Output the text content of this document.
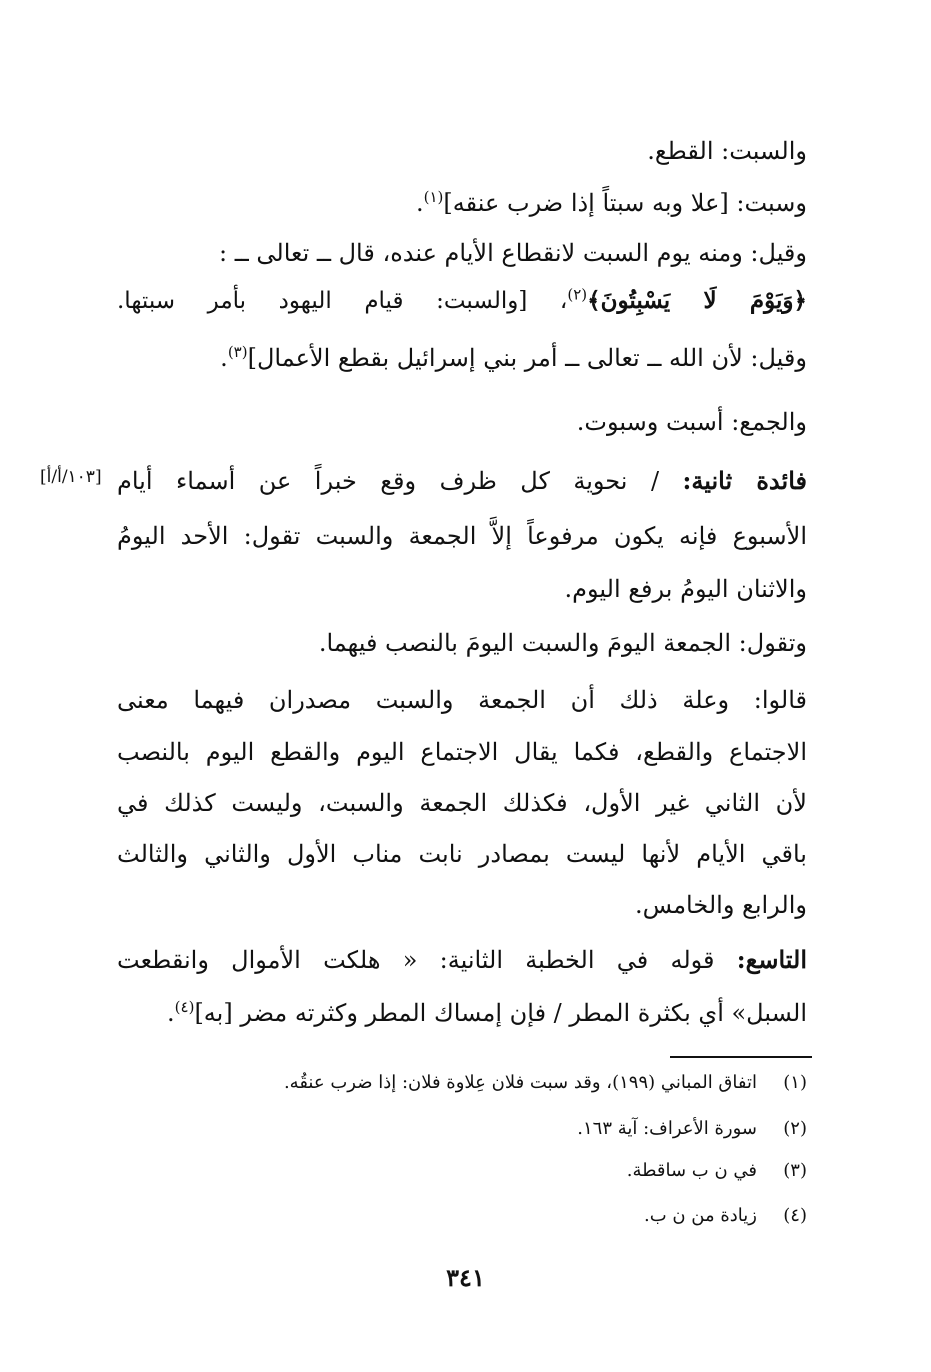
والسبت: القطع.
وسبت: [علا وبه سبتاً إذا ضرب عنقه]$^{(١)}$.
وقيل: ومنه يوم السبت لانقطاع الأيام عنده، قال ــ تعالى ــ :
﴿وَيَوْمَ لَا يَسْبِتُونَ﴾$^{(٢)}$، [والسبت: قيام اليهود بأمر سبتها.
وقيل: لأن الله ــ تعالى ــ أمر بني إسرائيل بقطع الأعمال]$^{(٣)}$.
والجمع: أسبت وسبوت.
فائدة ثانية: / نحوية كل ظرف وقع خبراً عن أسماء أيام
[١٠٣/أ/أ]
الأسبوع فإنه يكون مرفوعاً إلاَّ الجمعة والسبت تقول: الأحد اليومُ
والاثنان اليومُ برفع اليوم.
وتقول: الجمعة اليومَ والسبت اليومَ بالنصب فيهما.
قالوا: وعلة ذلك أن الجمعة والسبت مصدران فيهما معنى
الاجتماع والقطع، فكما يقال الاجتماع اليوم والقطع اليوم بالنصب
لأن الثاني غير الأول، فكذلك الجمعة والسبت، وليست كذلك في
باقي الأيام لأنها ليست بمصادر نابت مناب الأول والثاني والثالث
والرابع والخامس.
التاسع: قوله في الخطبة الثانية: « هلكت الأموال وانقطعت
السبل» أي بكثرة المطر / فإن إمساك المطر وكثرته مضر [به]$^{(٤)}$.
(١)اتفاق المباني (١٩٩)، وقد سبت فلان عِلاوة فلان: إذا ضرب عنقُه.
(٢)سورة الأعراف: آية ١٦٣.
(٣)في ن ب ساقطة.
(٤)زيادة من ن ب.
٣٤١
